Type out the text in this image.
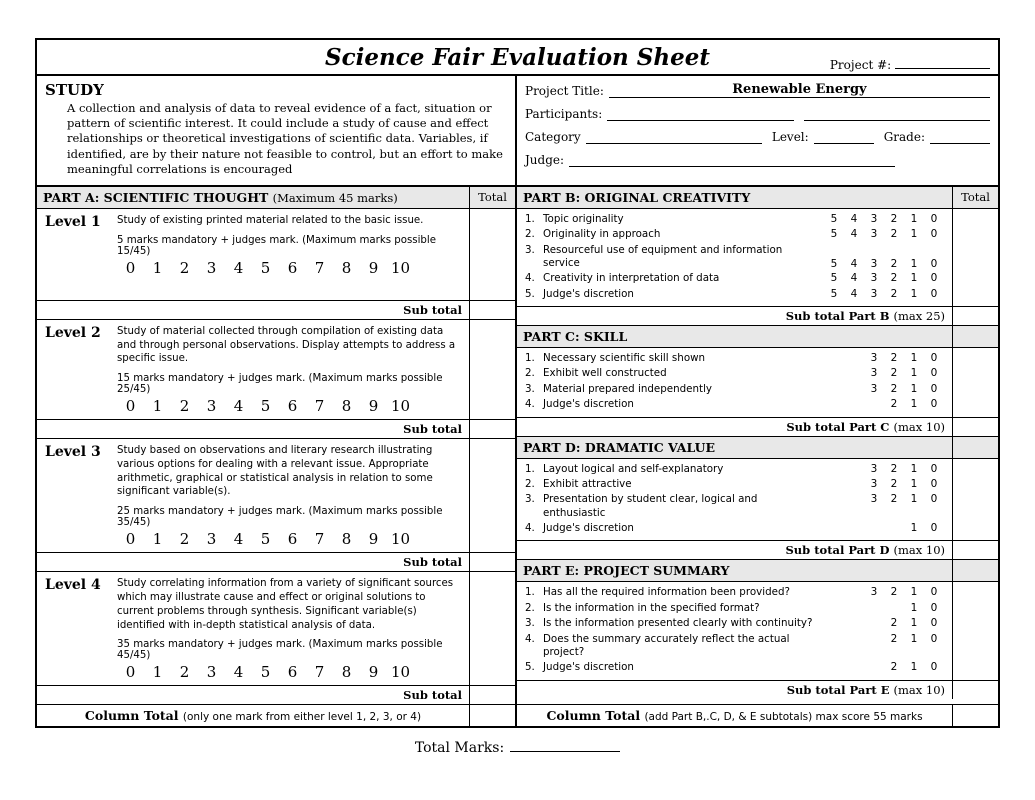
Science Fair Evaluation Sheet	Project #:
STUDY

A collection and analysis of data to reveal evidence of a fact, situation or pattern of scientific interest. It could include a study of cause and effect relationships or theoretical investigations of scientific data. Variables, if identified, are by their nature not feasible to control, but an effort to make meaningful correlations is encouraged

Project Title:	Renewable Energy
Participants:
Category	Level:	Grade:
Judge:
PART A: SCIENTIFIC THOUGHT (Maximum 45 marks)	Total
Level 1	Study of existing printed material related to the basic issue.
5 marks mandatory + judges mark. (Maximum marks possible 15/45)
0 1 2 3 4 5 6 7 8 9 10
Sub total
Level 2	Study of material collected through compilation of existing data and through personal observations. Display attempts to address a specific issue.
15 marks mandatory + judges mark. (Maximum marks possible 25/45)
0 1 2 3 4 5 6 7 8 9 10
Sub total
Level 3	Study based on observations and literary research illustrating various options for dealing with a relevant issue. Appropriate arithmetic, graphical or statistical analysis in relation to some significant variable(s).
25 marks mandatory + judges mark. (Maximum marks possible 35/45)
0 1 2 3 4 5 6 7 8 9 10
Sub total
Level 4	Study correlating information from a variety of significant sources which may illustrate cause and effect or original solutions to current problems through synthesis. Significant variable(s) identified with in-depth statistical analysis of data.
35 marks mandatory + judges mark. (Maximum marks possible 45/45)
0 1 2 3 4 5 6 7 8 9 10
Sub total
PART B: ORIGINAL CREATIVITY	Total
1. Topic originality	5 4 3 2 1 0
2. Originality in approach	5 4 3 2 1 0
3. Resourceful use of equipment and information service	5 4 3 2 1 0
4. Creativity in interpretation of data	5 4 3 2 1 0
5. Judge's discretion	5 4 3 2 1 0
Sub total Part B (max 25)
PART C: SKILL
1. Necessary scientific skill shown	3 2 1 0
2. Exhibit well constructed	3 2 1 0
3. Material prepared independently	3 2 1 0
4. Judge's discretion	2 1 0
Sub total Part C (max 10)
PART D: DRAMATIC VALUE
1. Layout logical and self-explanatory	3 2 1 0
2. Exhibit attractive	3 2 1 0
3. Presentation by student clear, logical and enthusiastic
3 2 1 0
4. Judge's discretion	1 0
Sub total Part D (max 10)
PART E: PROJECT SUMMARY
1. Has all the required information been provided?	3 2 1 0
2. Is the information in the specified format?	1 0
3. Is the information presented clearly with continuity?	2 1 0
4. Does the summary accurately reflect the actual project?
2 1 0
5. Judge's discretion	2 1 0
Sub total Part E (max 10)
Column Total (only one mark from either level 1, 2, 3, or 4)	Column Total (add Part B,.C, D, & E subtotals) max score 55 marks
Total Marks:
